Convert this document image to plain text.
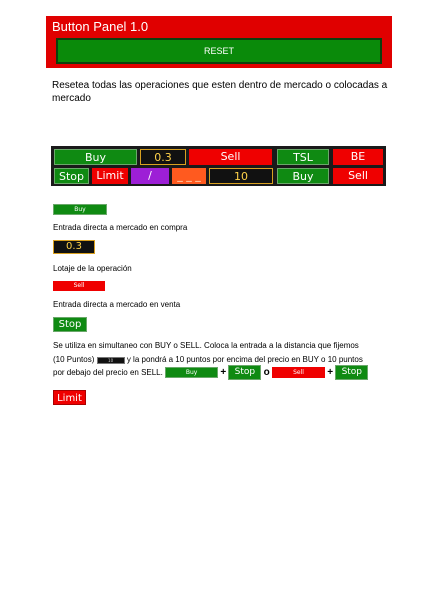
Button Panel 1.0
RESET
Resetea todas las operaciones que esten dentro de mercado o colocadas a
mercado
Buy	0.3	Sell	TSL	BE
Stop	Limit	/	_ _ _	10	Buy	Sell
Buy
Entrada directa a mercado en compra
0.3
Lotaje de la operación
Sell
Entrada directa a mercado en venta
Stop
Se utiliza en simultaneo con BUY o SELL. Coloca la entrada a la distancia que fijemos
(10 Puntos)	10 y la pondrá a 10 puntos por encima del precio en BUY o 10 puntos
por debajo del precio en SELL.	Buy + Stop o	Sell + Stop
Limit
